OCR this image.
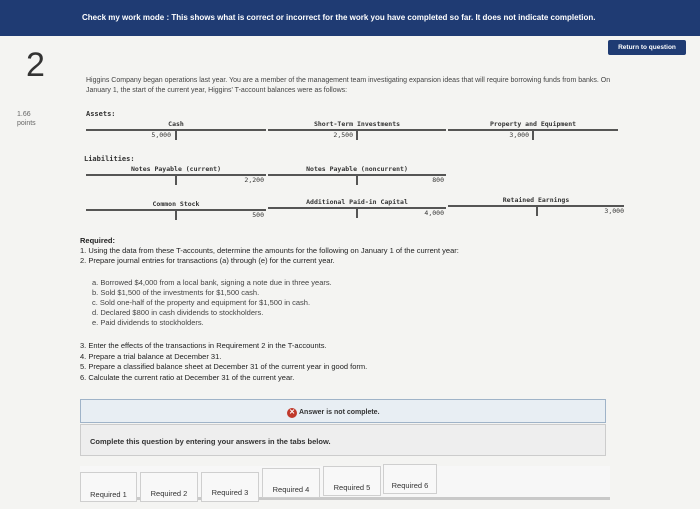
Check my work mode : This shows what is correct or incorrect for the work you have completed so far. It does not indicate completion.
2
1.66
points
Return to question
Higgins Company began operations last year. You are a member of the management team investigating expansion ideas that will require borrowing funds from banks. On January 1, the start of the current year, Higgins' T-account balances were as follows:
Assets:
Cash
5,000
Short-Term Investments
2,500
Property and Equipment
3,000
Liabilities:
Notes Payable (current)
2,200
Notes Payable (noncurrent)
800
Common Stock
500
Additional Paid-in Capital
4,000
Retained Earnings
3,000
Required:
1. Using the data from these T-accounts, determine the amounts for the following on January 1 of the current year:
2. Prepare journal entries for transactions (a) through (e) for the current year.
a. Borrowed $4,000 from a local bank, signing a note due in three years.
b. Sold $1,500 of the investments for $1,500 cash.
c. Sold one-half of the property and equipment for $1,500 in cash.
d. Declared $800 in cash dividends to stockholders.
e. Paid dividends to stockholders.
3. Enter the effects of the transactions in Requirement 2 in the T-accounts.
4. Prepare a trial balance at December 31.
5. Prepare a classified balance sheet at December 31 of the current year in good form.
6. Calculate the current ratio at December 31 of the current year.
✕ Answer is not complete.
Complete this question by entering your answers in the tabs below.
Required 1	Required 2	Required 3	Required 4	Required 5	Required 6
